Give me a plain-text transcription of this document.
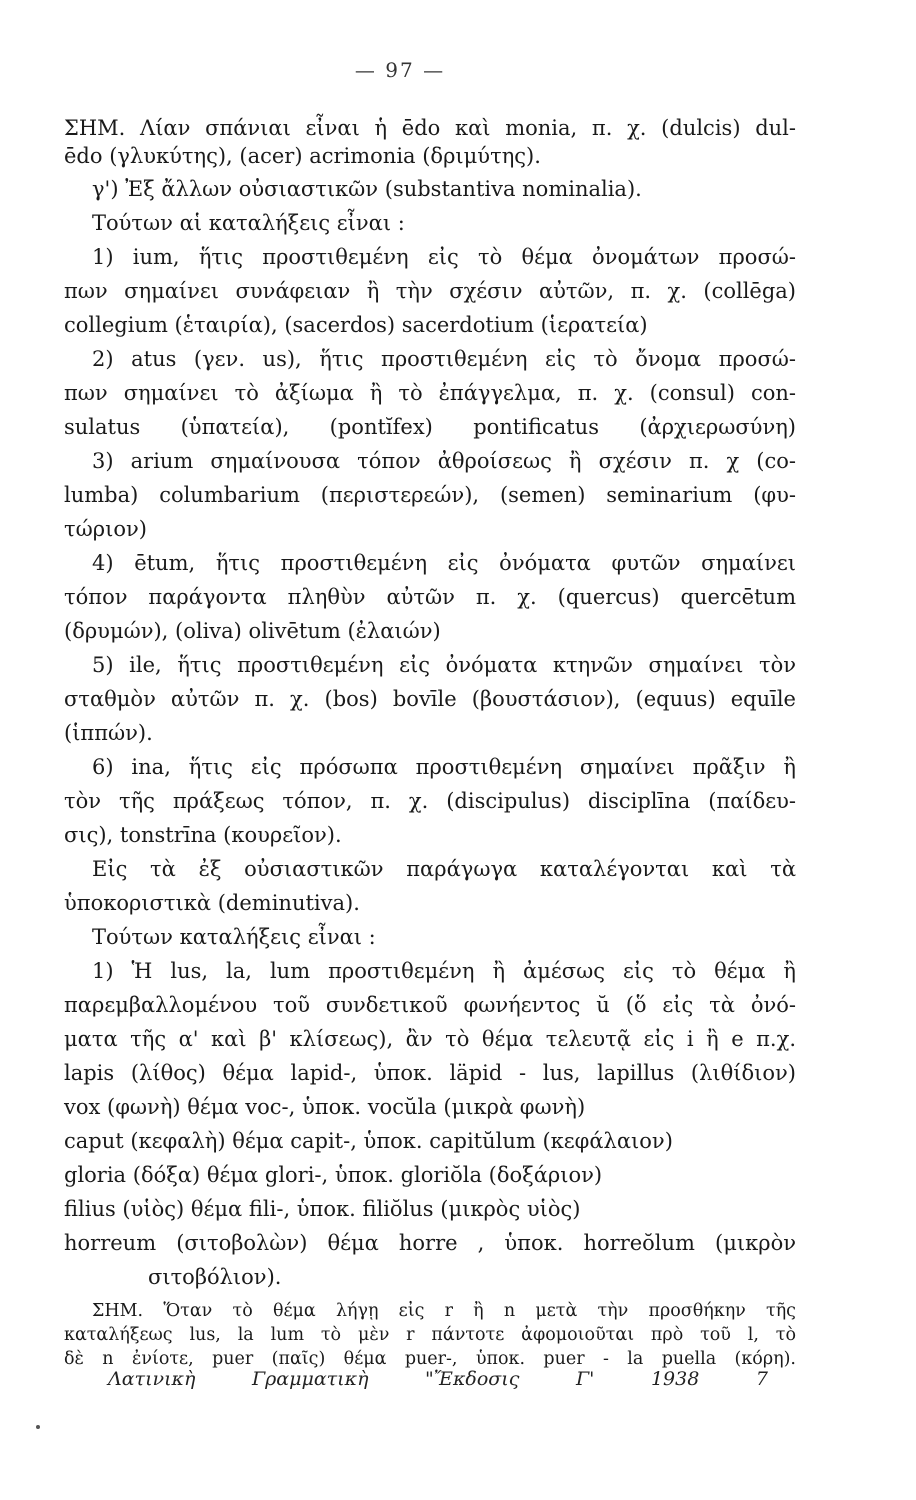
— 97 —
ΣΗΜ. Λίαν σπάνιαι εἶναι ἡ ēdo καὶ monia, π. χ. (dulcis) dul-
ēdo (γλυκύτης), (acer) acrimonia (δριμύτης).
γ') Ἐξ ἄλλων οὐσιαστικῶν (substantiva nominalia).
Τούτων αἱ καταλήξεις εἶναι :
1) ium, ἥτις προστιθεμένη εἰς τὸ θέμα ὀνομάτων προσώ-
πων σημαίνει συνάφειαν ἢ τὴν σχέσιν αὐτῶν, π. χ. (collēga)
collegium (ἑταιρία), (sacerdos) sacerdotium (ἱερατεία)
2) atus (γεν. us), ἥτις προστιθεμένη εἰς τὸ ὄνομα προσώ-
πων σημαίνει τὸ ἀξίωμα ἢ τὸ ἐπάγγελμα, π. χ. (consul) con-
sulatus (ὑπατεία), (pontĭfex) pontificatus (ἀρχιερωσύνη)
3) arium σημαίνουσα τόπον ἀθροίσεως ἢ σχέσιν π. χ (co-
lumba) columbarium (περιστερεών), (semen) seminarium (φυ-
τώριον)
4) ētum, ἥτις προστιθεμένη εἰς ὀνόματα φυτῶν σημαίνει
τόπον παράγοντα πληθὺν αὐτῶν π. χ. (quercus) quercētum
(δρυμών), (oliva) olivētum (ἐλαιών)
5) ile, ἥτις προστιθεμένη εἰς ὀνόματα κτηνῶν σημαίνει τὸν
σταθμὸν αὐτῶν π. χ. (bos) bovīle (βουστάσιον), (equus) equīle
(ἱππών).
6) ina, ἥτις εἰς πρόσωπα προστιθεμένη σημαίνει πρᾶξιν ἢ
τὸν τῆς πράξεως τόπον, π. χ. (discipulus) disciplīna (παίδευ-
σις), tonstrīna (κουρεῖον).
Εἰς τὰ ἐξ οὐσιαστικῶν παράγωγα καταλέγονται καὶ τὰ
ὑποκοριστικὰ (deminutiva).
Τούτων καταλήξεις εἶναι :
1) Ἡ lus, la, lum προστιθεμένη ἢ ἀμέσως εἰς τὸ θέμα ἢ
παρεμβαλλομένου τοῦ συνδετικοῦ φωνήεντος ŭ (ὅ εἰς τὰ ὀνό-
ματα τῆς α' καὶ β' κλίσεως), ἂν τὸ θέμα τελευτᾷ εἰς i ἢ e π.χ.
lapis (λίθος) θέμα lapid-, ὑποκ. läpid - lus, lapillus (λιθίδιον)
vox (φωνὴ) θέμα voc-, ὑποκ. vocŭla (μικρὰ φωνὴ)
caput (κεφαλὴ) θέμα capit-, ὑποκ. capitŭlum (κεφάλαιον)
gloria (δόξα) θέμα glori-, ὑποκ. gloriŏla (δοξάριον)
filius (υἱὸς) θέμα fili-, ὑποκ. filiŏlus (μικρὸς υἱὸς)
horreum (σιτοβολὼν) θέμα horre , ὑποκ. horreŏlum (μικρὸν
σιτοβόλιον).
ΣΗΜ. Ὅταν τὸ θέμα λήγῃ εἰς r ἢ n μετὰ τὴν προσθήκην τῆς
καταλήξεως lus, la lum τὸ μὲν r πάντοτε ἀφομοιοῦται πρὸ τοῦ l, τὸ
δὲ n ἐνίοτε, puer (παῖς) θέμα puer-, ὑποκ. puer - la puella (κόρη).
Λατινικὴ Γραμματικὴ "Ἔκδοσις Γ' 1938	7
